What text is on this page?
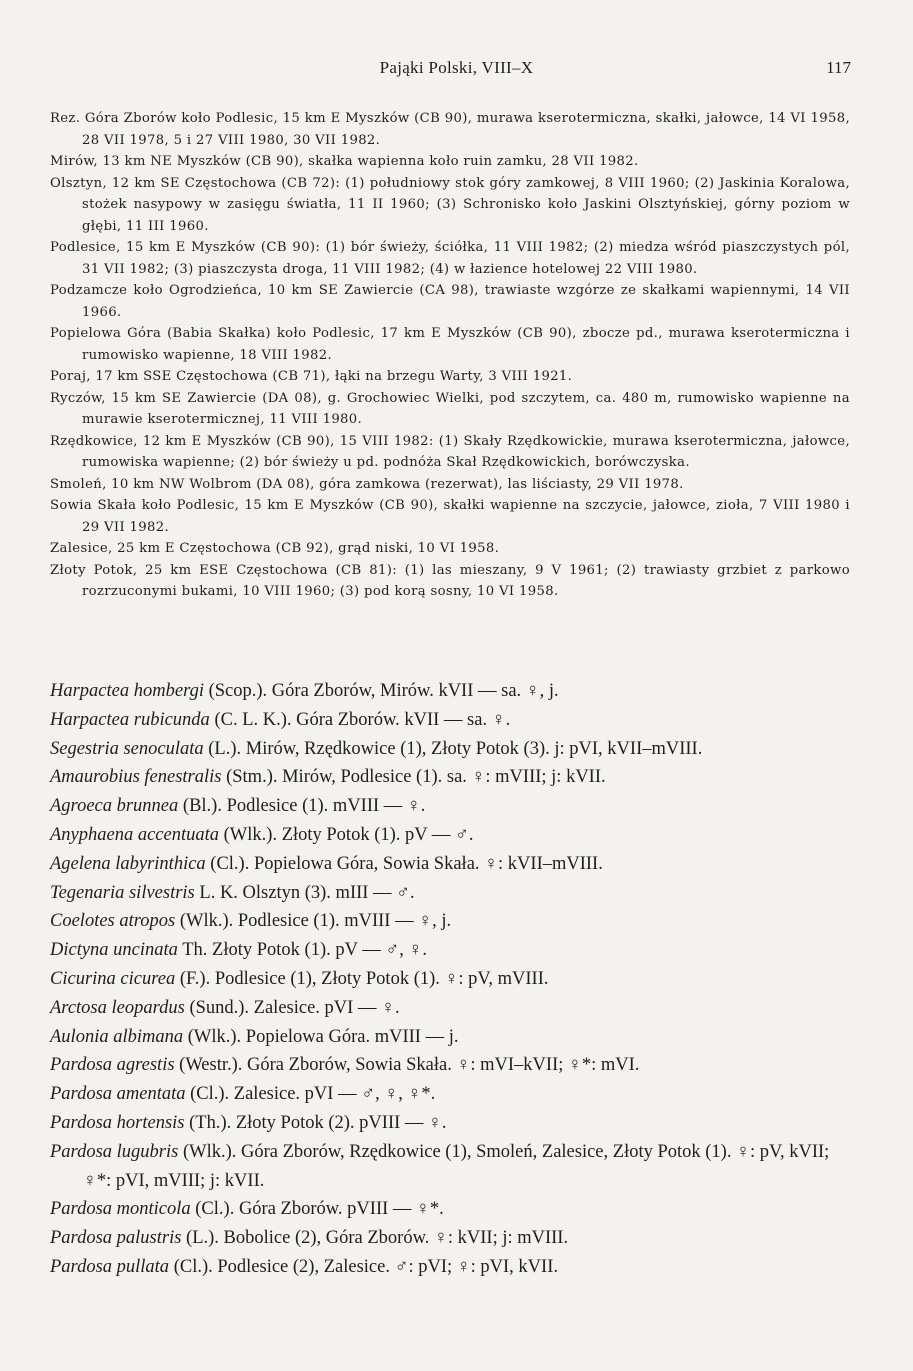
Pająki Polski, VIII–X	117
Rez. Góra Zborów koło Podlesic, 15 km E Myszków (CB 90), murawa kserotermiczna, skałki, jałowce, 14 VI 1958, 28 VII 1978, 5 i 27 VIII 1980, 30 VII 1982.
Mirów, 13 km NE Myszków (CB 90), skałka wapienna koło ruin zamku, 28 VII 1982.
Olsztyn, 12 km SE Częstochowa (CB 72): (1) południowy stok góry zamkowej, 8 VIII 1960; (2) Jaskinia Koralowa, stożek nasypowy w zasięgu światła, 11 II 1960; (3) Schronisko koło Jaskini Olsztyńskiej, górny poziom w głębi, 11 III 1960.
Podlesice, 15 km E Myszków (CB 90): (1) bór świeży, ściółka, 11 VIII 1982; (2) miedza wśród piaszczystych pól, 31 VII 1982; (3) piaszczysta droga, 11 VIII 1982; (4) w łazience hotelowej 22 VIII 1980.
Podzamcze koło Ogrodzieńca, 10 km SE Zawiercie (CA 98), trawiaste wzgórze ze skałkami wapiennymi, 14 VII 1966.
Popielowa Góra (Babia Skałka) koło Podlesic, 17 km E Myszków (CB 90), zbocze pd., murawa kserotermiczna i rumowisko wapienne, 18 VIII 1982.
Poraj, 17 km SSE Częstochowa (CB 71), łąki na brzegu Warty, 3 VIII 1921.
Ryczów, 15 km SE Zawiercie (DA 08), g. Grochowiec Wielki, pod szczytem, ca. 480 m, rumowisko wapienne na murawie kserotermicznej, 11 VIII 1980.
Rzędkowice, 12 km E Myszków (CB 90), 15 VIII 1982: (1) Skały Rzędkowickie, murawa kserotermiczna, jałowce, rumowiska wapienne; (2) bór świeży u pd. podnóża Skał Rzędkowickich, borówczyska.
Smoleń, 10 km NW Wolbrom (DA 08), góra zamkowa (rezerwat), las liściasty, 29 VII 1978.
Sowia Skała koło Podlesic, 15 km E Myszków (CB 90), skałki wapienne na szczycie, jałowce, zioła, 7 VIII 1980 i 29 VII 1982.
Zalesice, 25 km E Częstochowa (CB 92), grąd niski, 10 VI 1958.
Złoty Potok, 25 km ESE Częstochowa (CB 81): (1) las mieszany, 9 V 1961; (2) trawiasty grzbiet z parkowo rozrzuconymi bukami, 10 VIII 1960; (3) pod korą sosny, 10 VI 1958.
Harpactea hombergi (Scop.). Góra Zborów, Mirów. kVII — sa. ♀, j.
Harpactea rubicunda (C. L. K.). Góra Zborów. kVII — sa. ♀.
Segestria senoculata (L.). Mirów, Rzędkowice (1), Złoty Potok (3). j: pVI, kVII–mVIII.
Amaurobius fenestralis (Stm.). Mirów, Podlesice (1). sa. ♀: mVIII; j: kVII.
Agroeca brunnea (Bl.). Podlesice (1). mVIII — ♀.
Anyphaena accentuata (Wlk.). Złoty Potok (1). pV — ♂.
Agelena labyrinthica (Cl.). Popielowa Góra, Sowia Skała. ♀: kVII–mVIII.
Tegenaria silvestris L. K. Olsztyn (3). mIII — ♂.
Coelotes atropos (Wlk.). Podlesice (1). mVIII — ♀, j.
Dictyna uncinata Th. Złoty Potok (1). pV — ♂, ♀.
Cicurina cicurea (F.). Podlesice (1), Złoty Potok (1). ♀: pV, mVIII.
Arctosa leopardus (Sund.). Zalesice. pVI — ♀.
Aulonia albimana (Wlk.). Popielowa Góra. mVIII — j.
Pardosa agrestis (Westr.). Góra Zborów, Sowia Skała. ♀: mVI–kVII; ♀*: mVI.
Pardosa amentata (Cl.). Zalesice. pVI — ♂, ♀, ♀*.
Pardosa hortensis (Th.). Złoty Potok (2). pVIII — ♀.
Pardosa lugubris (Wlk.). Góra Zborów, Rzędkowice (1), Smoleń, Zalesice, Złoty Potok (1). ♀: pV, kVII; ♀*: pVI, mVIII; j: kVII.
Pardosa monticola (Cl.). Góra Zborów. pVIII — ♀*.
Pardosa palustris (L.). Bobolice (2), Góra Zborów. ♀: kVII; j: mVIII.
Pardosa pullata (Cl.). Podlesice (2), Zalesice. ♂: pVI; ♀: pVI, kVII.
